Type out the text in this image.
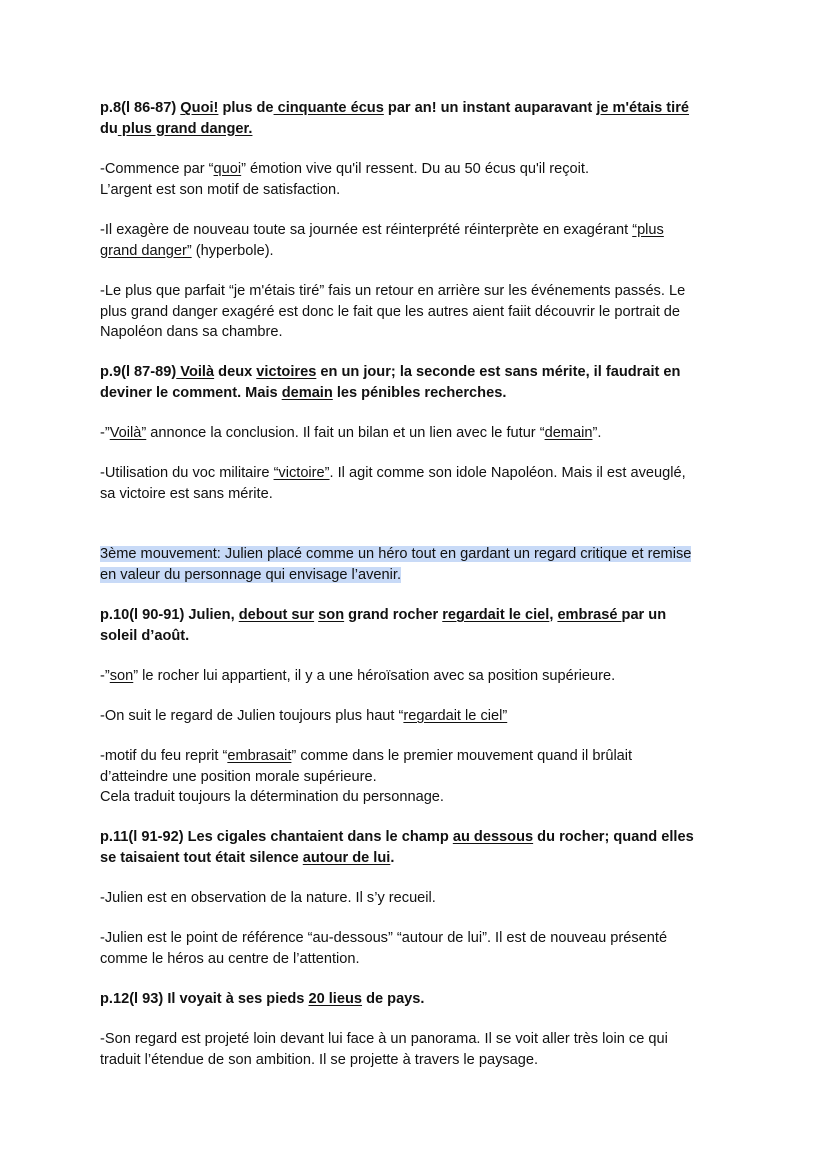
p.8(l 86-87) Quoi! plus de cinquante écus par an! un instant auparavant je m'étais tiré
du plus grand danger.

-Commence par “quoi” émotion vive qu'il ressent. Du au 50 écus qu'il reçoit.
L’argent est son motif de satisfaction.

-Il exagère de nouveau toute sa journée est réinterprété réinterprète en exagérant “plus
grand danger” (hyperbole).

-Le plus que parfait “je m'étais tiré” fais un retour en arrière sur les événements passés. Le
plus grand danger exagéré est donc le fait que les autres aient faiit découvrir le portrait de
Napoléon dans sa chambre.

p.9(l 87-89) Voilà deux victoires en un jour; la seconde est sans mérite, il faudrait en
deviner le comment. Mais demain les pénibles recherches.

-”Voilà” annonce la conclusion. Il fait un bilan et un lien avec le futur “demain”.

-Utilisation du voc militaire “victoire”. Il agit comme son idole Napoléon. Mais il est aveuglé,
sa victoire est sans mérite.

3ème mouvement: Julien placé comme un héro tout en gardant un regard critique et remise
en valeur du personnage qui envisage l’avenir.

p.10(l 90-91) Julien, debout sur son grand rocher regardait le ciel, embrasé par un
soleil d’août.

-”son” le rocher lui appartient, il y a une héroïsation avec sa position supérieure.

-On suit le regard de Julien toujours plus haut “regardait le ciel”

-motif du feu reprit “embrasait” comme dans le premier mouvement quand il brûlait
d’atteindre une position morale supérieure.
Cela traduit toujours la détermination du personnage.

p.11(l 91-92) Les cigales chantaient dans le champ au dessous du rocher; quand elles
se taisaient tout était silence autour de lui.

-Julien est en observation de la nature. Il s’y recueil.

-Julien est le point de référence “au-dessous” “autour de lui”. Il est de nouveau présenté
comme le héros au centre de l’attention.

p.12(l 93) Il voyait à ses pieds 20 lieus de pays.

-Son regard est projeté loin devant lui face à un panorama. Il se voit aller très loin ce qui
traduit l’étendue de son ambition. Il se projette à travers le paysage.
